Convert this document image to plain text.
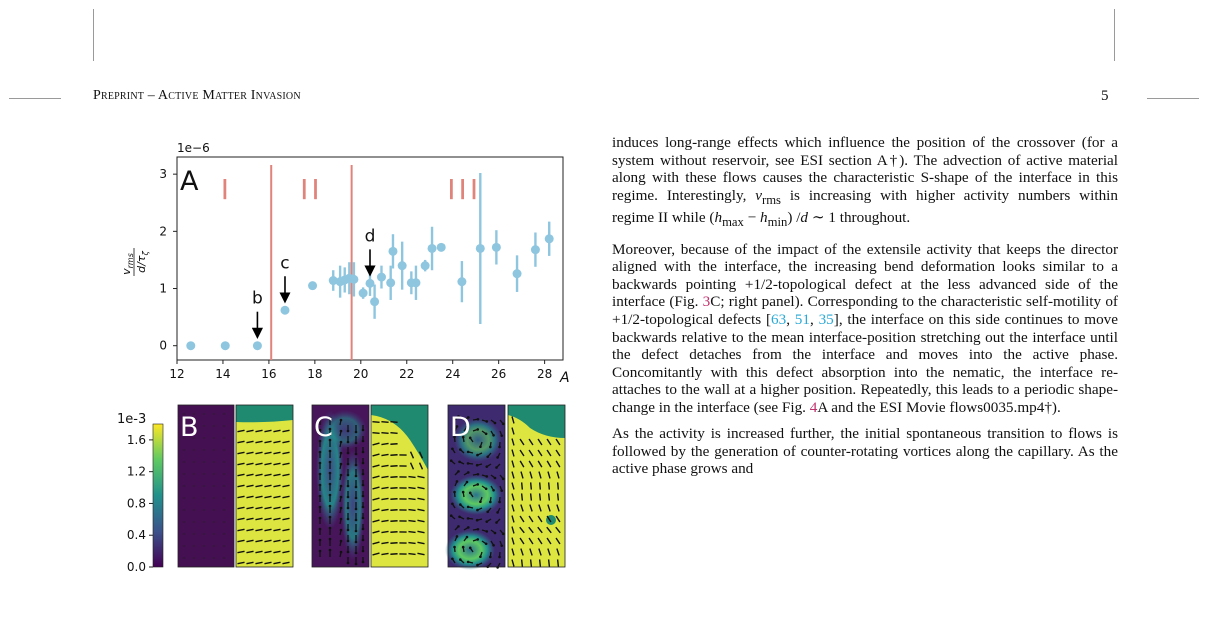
Preprint – Active Matter Invasion	5
1e−6
A I II	III
12	14	16	18	20	22	24	26	28
0
1
2
3
b
c
d
A
$v_{rms}$ $d/\tau_\zeta$
1e-3
1.6
1.2
0.8
0.4
0.0
B	C	D

induces long-range effects which influence the position of the crossover (for a system without reservoir, see ESI section A†). The advection of active material along with these flows causes the characteristic S-shape of the interface in this regime. Interestingly, $v_{rms}$ is increasing with higher activity numbers within regime II while $(h_{max} - h_{min})$ /d ∼ 1 throughout.

Moreover, because of the impact of the extensile activity that keeps the director aligned with the interface, the increasing bend deformation looks similar to a backwards pointing +1/2-topological defect at the less advanced side of the interface (Fig. 3C; right panel). Corresponding to the characteristic self-motility of +1/2-topological defects [63, 51, 35], the interface on this side continues to move backwards relative to the mean interface-position stretching out the interface until the defect detaches from the interface and moves into the active phase. Concomitantly with this defect absorption into the nematic, the interface re-attaches to the wall at a higher position. Repeatedly, this leads to a periodic shape-change in the interface (see Fig. 4A and the ESI Movie flows0035.mp4†).

As the activity is increased further, the initial spontaneous transition to flows is followed by the generation of counter-rotating vortices along the capillary. As the active phase grows and
